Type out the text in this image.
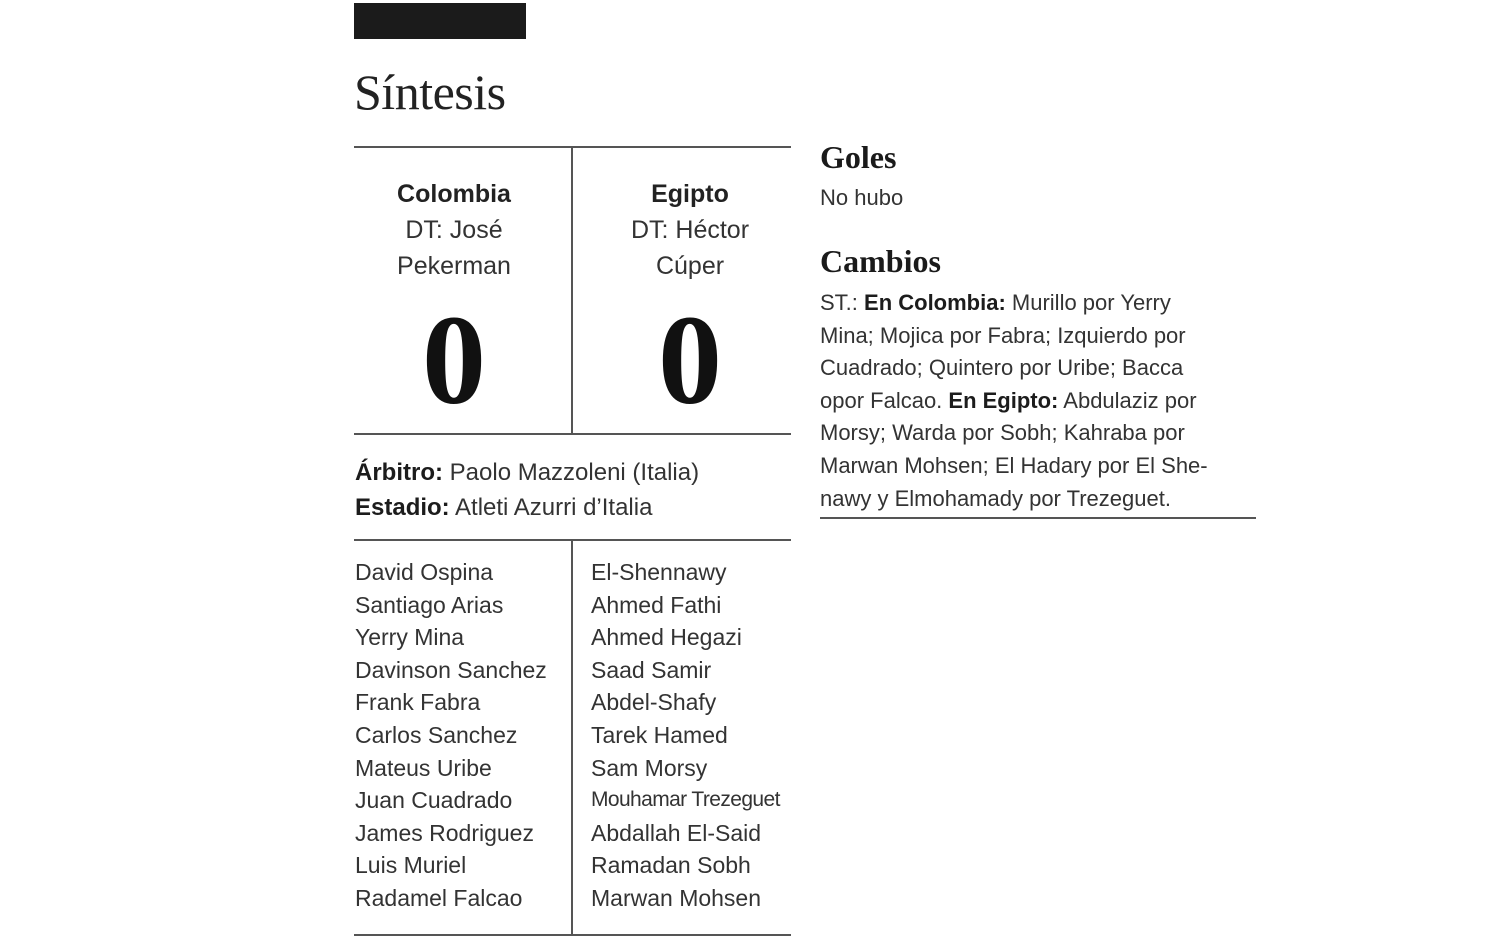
Síntesis
Colombia
DT: José
Pekerman
0
Egipto
DT: Héctor
Cúper
0
Árbitro: Paolo Mazzoleni (Italia)
Estadio: Atleti Azurri d’Italia
David Ospina
Santiago Arias
Yerry Mina
Davinson Sanchez
Frank Fabra
Carlos Sanchez
Mateus Uribe
Juan Cuadrado
James Rodriguez
Luis Muriel
Radamel Falcao
El-Shennawy
Ahmed Fathi
Ahmed Hegazi
Saad Samir
Abdel-Shafy
Tarek Hamed
Sam Morsy
Mouhamar Trezeguet
Abdallah El-Said
Ramadan Sobh
Marwan Mohsen
Goles
No hubo
Cambios
ST.: En Colombia: Murillo por Yerry
Mina; Mojica por Fabra; Izquierdo por
Cuadrado; Quintero por Uribe; Bacca
opor Falcao. En Egipto: Abdulaziz por
Morsy; Warda por Sobh; Kahraba por
Marwan Mohsen; El Hadary por El She-
nawy y Elmohamady por Trezeguet.
